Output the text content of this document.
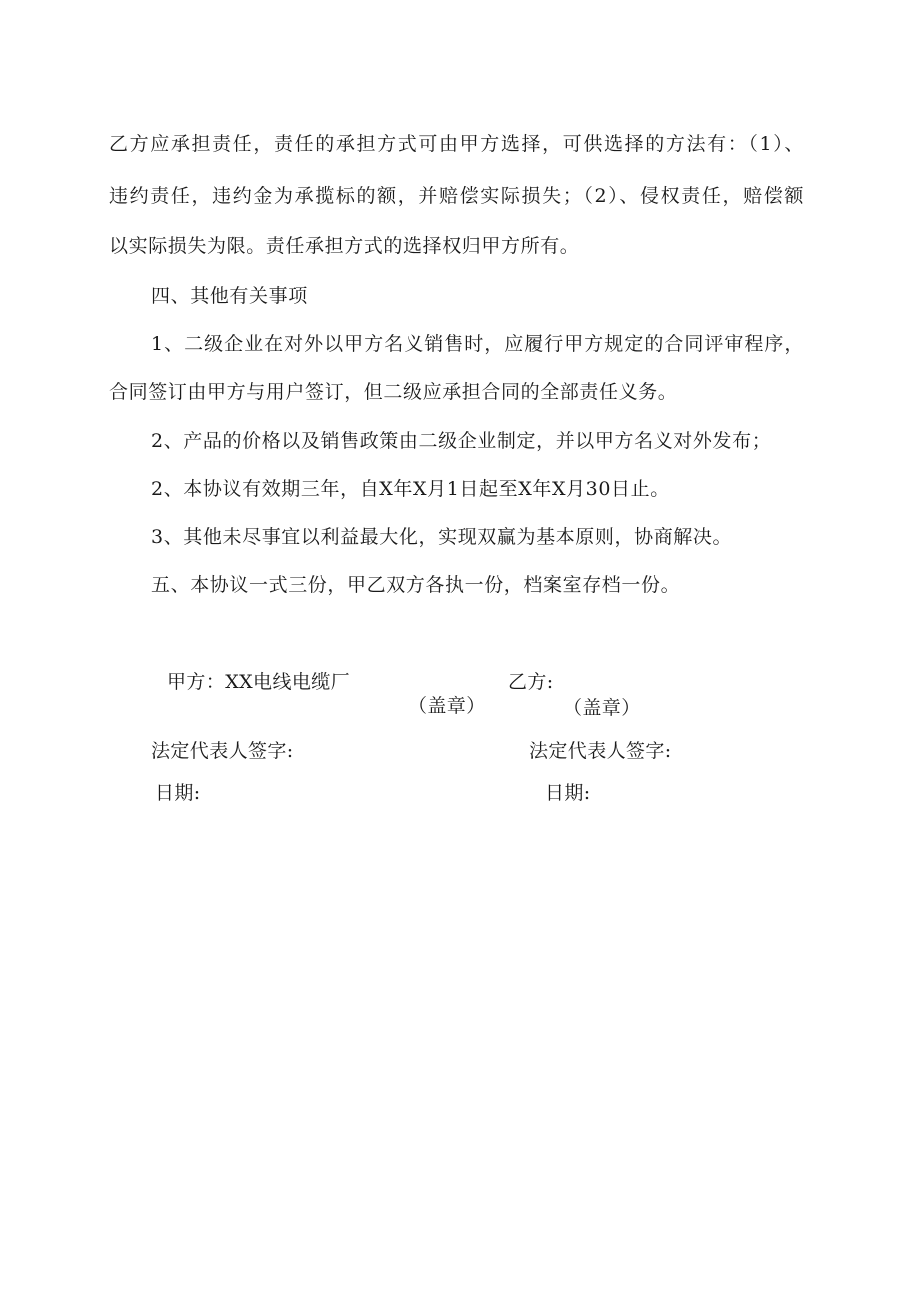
乙方应承担责任，责任的承担方式可由甲方选择，可供选择的方法有：（1）、
违约责任，违约金为承揽标的额，并赔偿实际损失；（2）、侵权责任，赔偿额
以实际损失为限。责任承担方式的选择权归甲方所有。
四、其他有关事项
1、二级企业在对外以甲方名义销售时，应履行甲方规定的合同评审程序，
合同签订由甲方与用户签订，但二级应承担合同的全部责任义务。
2、产品的价格以及销售政策由二级企业制定，并以甲方名义对外发布；
2、本协议有效期三年，自X年X月1日起至X年X月30日止。
3、其他未尽事宜以利益最大化，实现双赢为基本原则，协商解决。
五、本协议一式三份，甲乙双方各执一份，档案室存档一份。
甲方：XX电线电缆厂
（盖章）
乙方:
（盖章）
法定代表人签字:	法定代表人签字:
日期:	日期:
